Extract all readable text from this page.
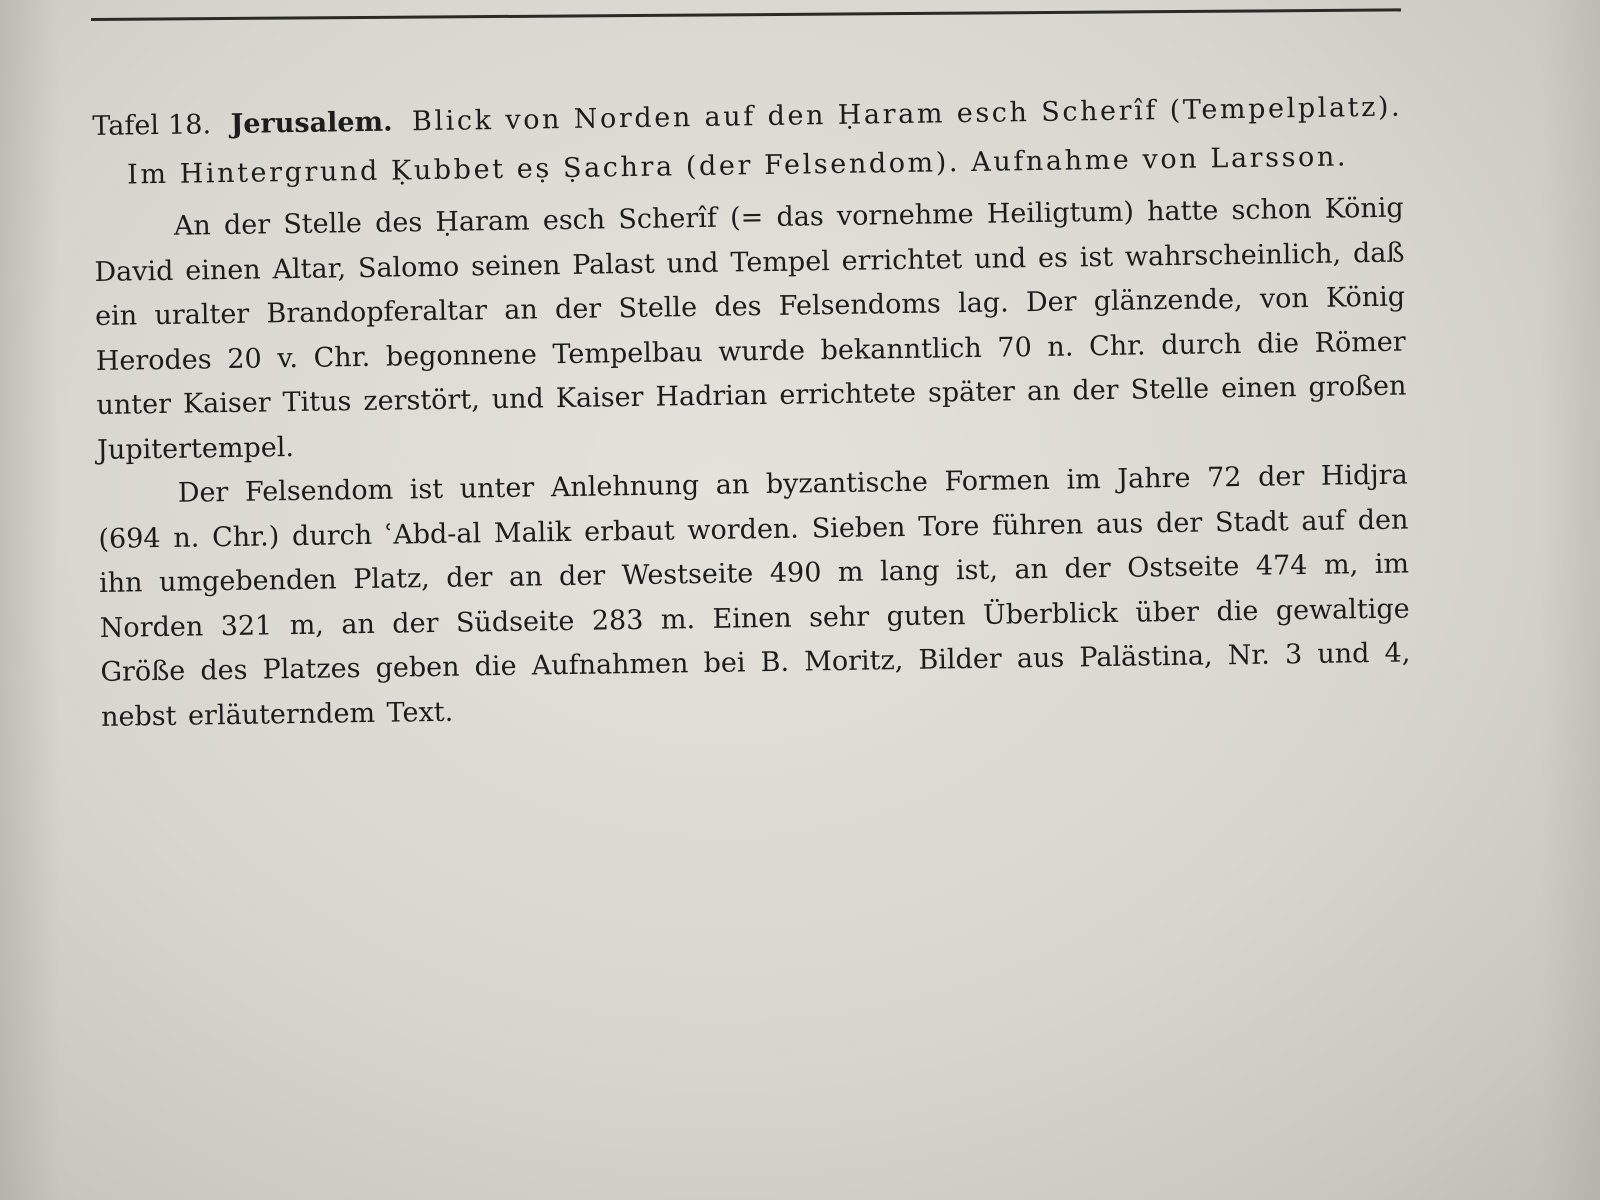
Tafel 18. Jerusalem. Blick von Norden auf den Ḥaram esch Scherîf (Tempelplatz). Im Hintergrund Ḳubbet eṣ Ṣachra (der Felsendom). Aufnahme von Larsson.

An der Stelle des Ḥaram esch Scherîf (= das vornehme Heiligtum) hatte schon König David einen Altar, Salomo seinen Palast und Tempel errichtet und es ist wahrscheinlich, daß ein uralter Brandopferaltar an der Stelle des Felsendoms lag. Der glänzende, von König Herodes 20 v. Chr. begonnene Tempelbau wurde bekanntlich 70 n. Chr. durch die Römer unter Kaiser Titus zerstört, und Kaiser Hadrian errichtete später an der Stelle einen großen Jupitertempel.

Der Felsendom ist unter Anlehnung an byzantische Formen im Jahre 72 der Hidjra (694 n. Chr.) durch ʿAbd-al Malik erbaut worden. Sieben Tore führen aus der Stadt auf den ihn umgebenden Platz, der an der Westseite 490 m lang ist, an der Ostseite 474 m, im Norden 321 m, an der Südseite 283 m. Einen sehr guten Überblick über die gewaltige Größe des Platzes geben die Aufnahmen bei B. Moritz, Bilder aus Palästina, Nr. 3 und 4, nebst erläuterndem Text.
